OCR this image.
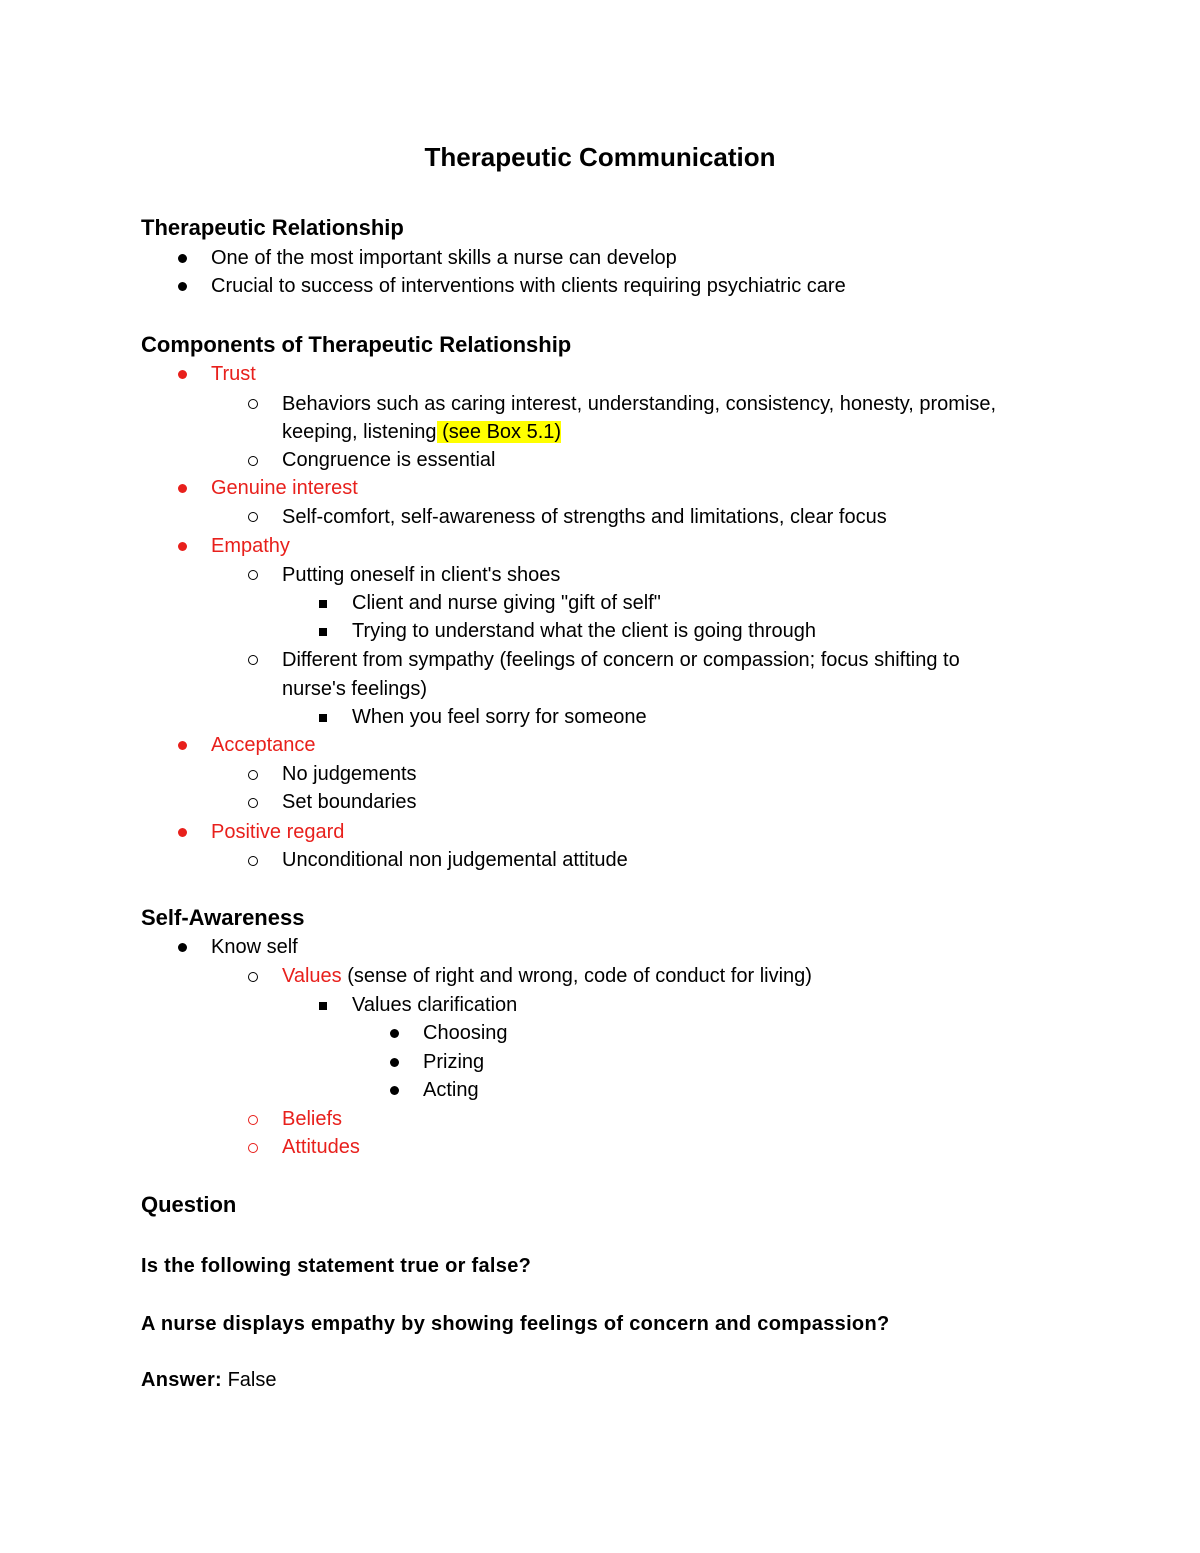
Therapeutic Communication
Therapeutic Relationship
One of the most important skills a nurse can develop
Crucial to success of interventions with clients requiring psychiatric care
Components of Therapeutic Relationship
Trust
Behaviors such as caring interest, understanding, consistency, honesty, promise,
keeping, listening (see Box 5.1)
Congruence is essential
Genuine interest
Self-comfort, self-awareness of strengths and limitations, clear focus
Empathy
Putting oneself in client's shoes
Client and nurse giving "gift of self"
Trying to understand what the client is going through
Different from sympathy (feelings of concern or compassion; focus shifting to
nurse's feelings)
When you feel sorry for someone
Acceptance
No judgements
Set boundaries
Positive regard
Unconditional non judgemental attitude
Self-Awareness
Know self
Values (sense of right and wrong, code of conduct for living)
Values clarification
Choosing
Prizing
Acting
Beliefs
Attitudes
Question
Is the following statement true or false?
A nurse displays empathy by showing feelings of concern and compassion?
Answer: False
